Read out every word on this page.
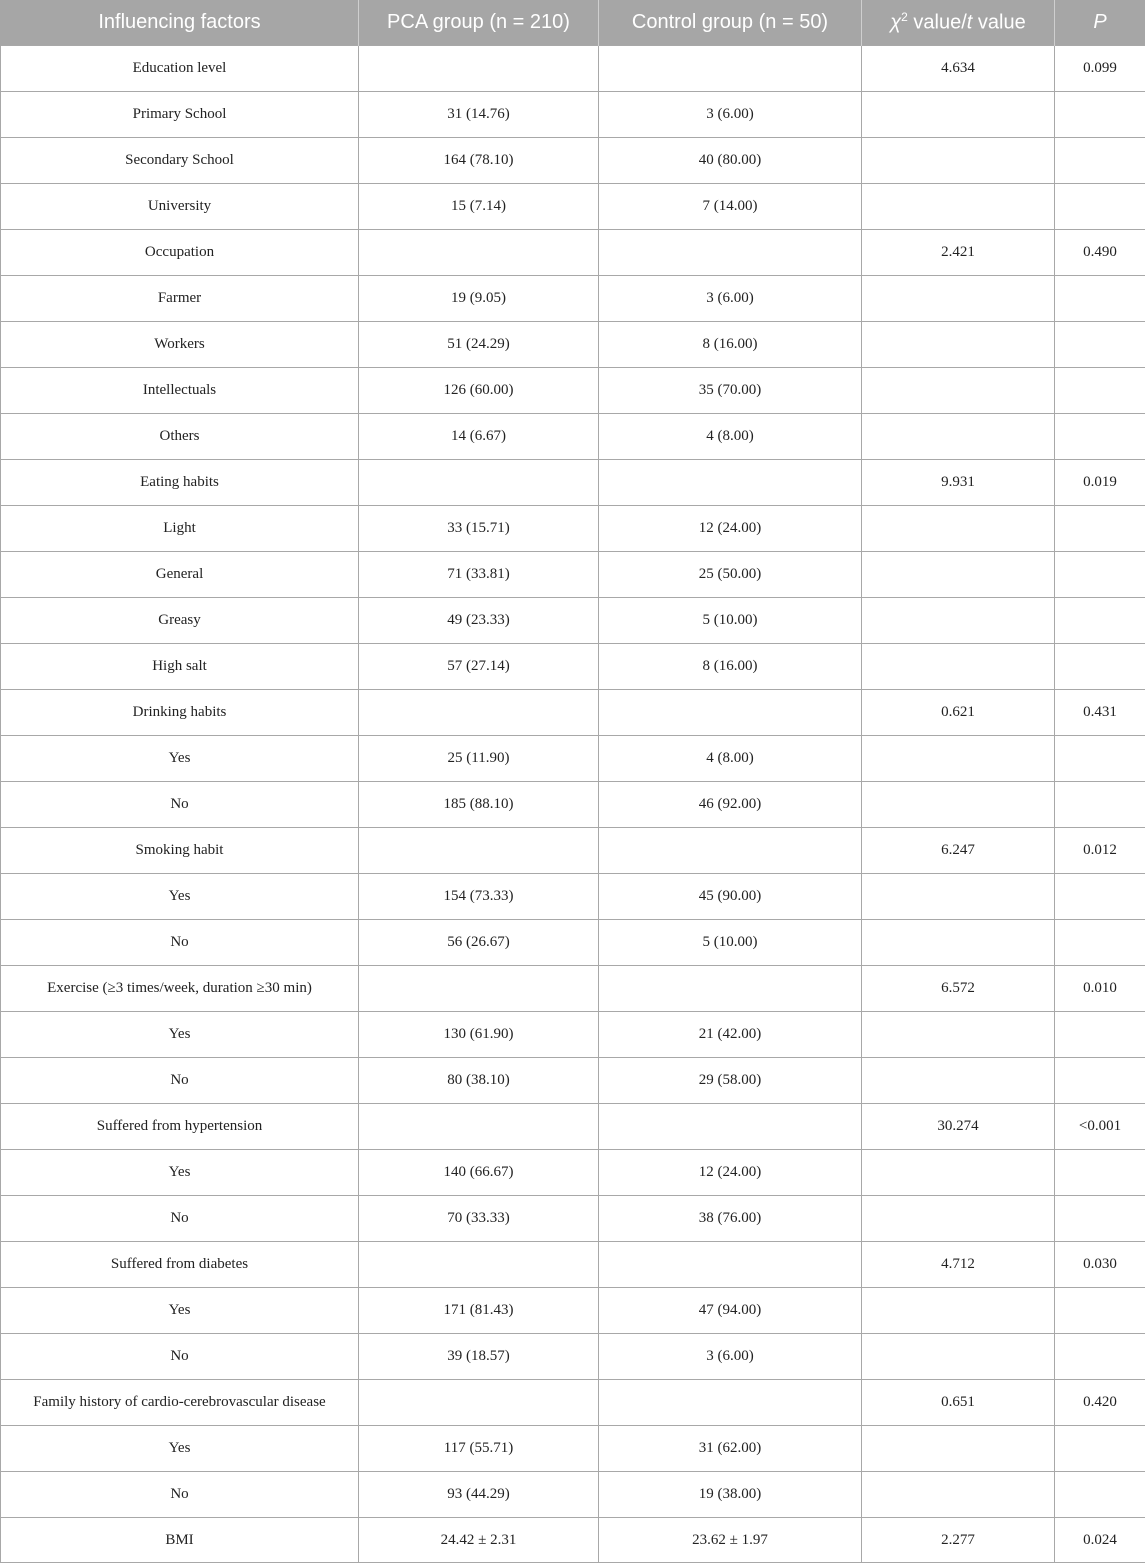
Influencing factors	PCA group (n = 210)	Control group (n = 50)	$\chi^2$ value/t value	P
Education level			4.634	0.099
Primary School	31 (14.76)	3 (6.00)		
Secondary School	164 (78.10)	40 (80.00)		
University	15 (7.14)	7 (14.00)		
Occupation			2.421	0.490
Farmer	19 (9.05)	3 (6.00)		
Workers	51 (24.29)	8 (16.00)		
Intellectuals	126 (60.00)	35 (70.00)		
Others	14 (6.67)	4 (8.00)		
Eating habits			9.931	0.019
Light	33 (15.71)	12 (24.00)		
General	71 (33.81)	25 (50.00)		
Greasy	49 (23.33)	5 (10.00)		
High salt	57 (27.14)	8 (16.00)		
Drinking habits			0.621	0.431
Yes	25 (11.90)	4 (8.00)		
No	185 (88.10)	46 (92.00)		
Smoking habit			6.247	0.012
Yes	154 (73.33)	45 (90.00)		
No	56 (26.67)	5 (10.00)		
Exercise (≥3 times/week, duration ≥30 min)			6.572	0.010
Yes	130 (61.90)	21 (42.00)		
No	80 (38.10)	29 (58.00)		
Suffered from hypertension			30.274	<0.001
Yes	140 (66.67)	12 (24.00)		
No	70 (33.33)	38 (76.00)		
Suffered from diabetes			4.712	0.030
Yes	171 (81.43)	47 (94.00)		
No	39 (18.57)	3 (6.00)		
Family history of cardio-cerebrovascular disease			0.651	0.420
Yes	117 (55.71)	31 (62.00)		
No	93 (44.29)	19 (38.00)		
BMI	24.42 ± 2.31	23.62 ± 1.97	2.277	0.024
